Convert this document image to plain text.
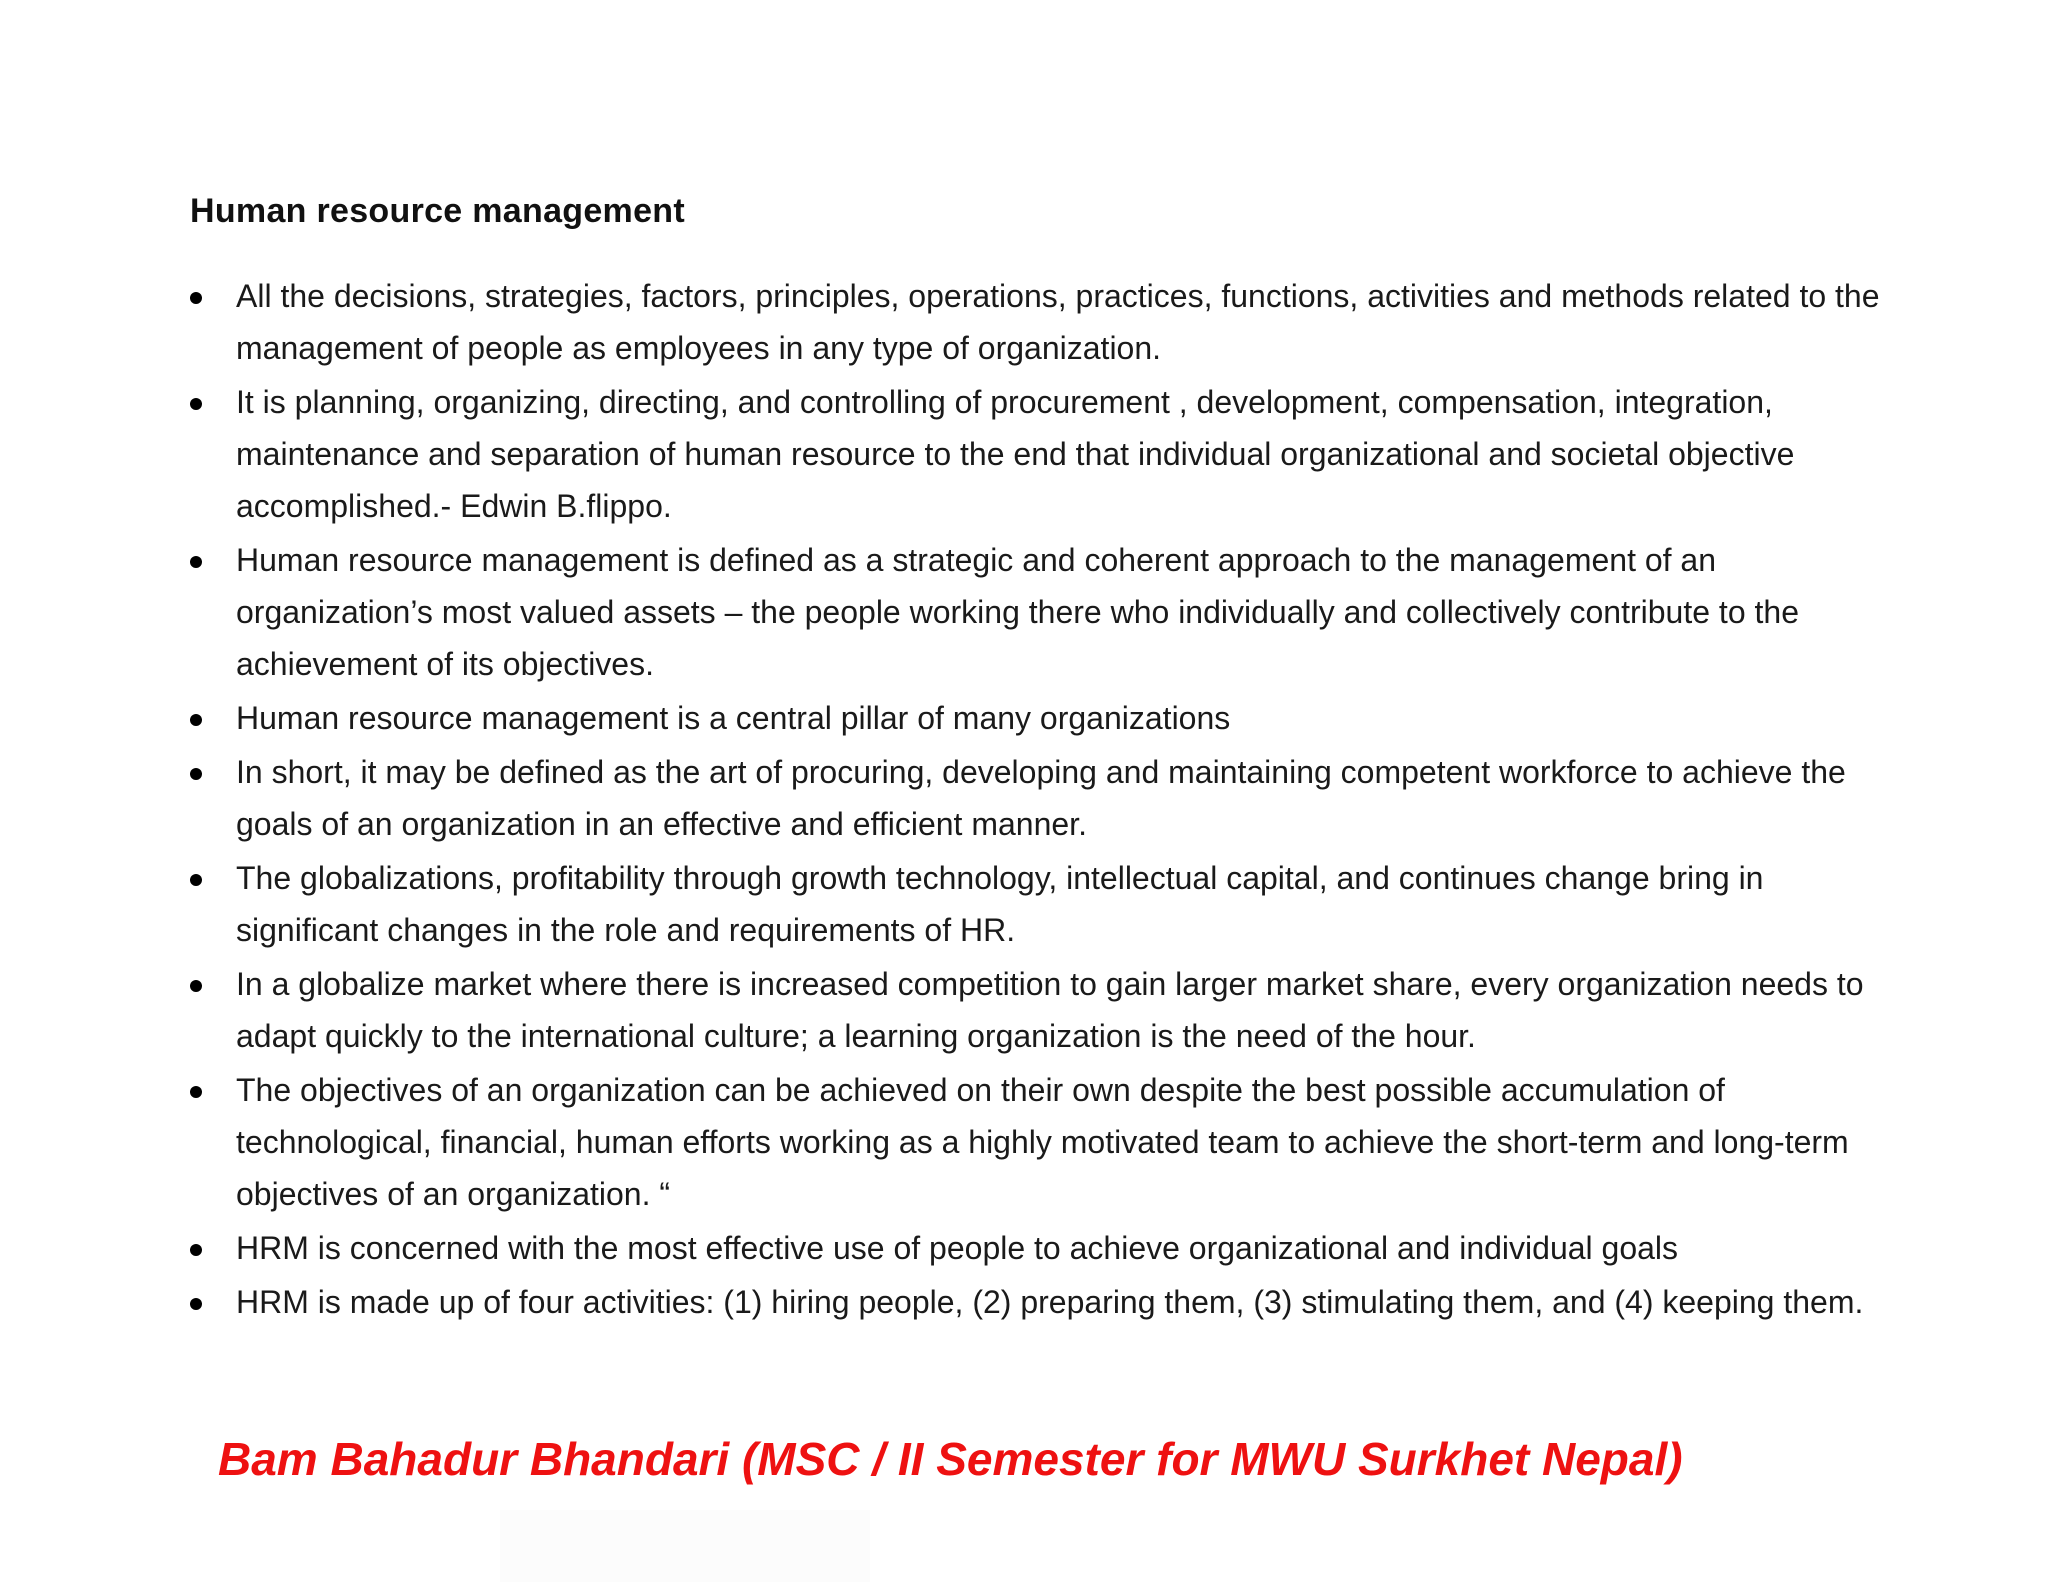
Human resource management
All the decisions, strategies, factors, principles, operations, practices, functions, activities and methods related to the management of people as employees in any type of organization.
It is planning, organizing, directing, and controlling of procurement , development, compensation, integration, maintenance and separation of human resource to the end that individual organizational and societal objective accomplished.- Edwin B.flippo.
Human resource management is defined as a strategic and coherent approach to the management of an organization’s most valued assets – the people working there who individually and collectively contribute to the achievement of its objectives.
Human resource management is a central pillar of many organizations
In short, it may be defined as the art of procuring, developing and maintaining competent workforce to achieve the goals of an organization in an effective and efficient manner.
The globalizations, profitability through growth technology, intellectual capital, and continues change bring in significant changes in the role and requirements of HR.
In a globalize market where there is increased competition to gain larger market share, every organization needs to adapt quickly to the international culture; a learning organization is the need of the hour.
The objectives of an organization can be achieved on their own despite the best possible accumulation of technological, financial, human efforts working as a highly motivated team to achieve the short-term and long-term objectives of an organization. “
HRM is concerned with the most effective use of people to achieve organizational and individual goals
HRM is made up of four activities: (1) hiring people, (2) preparing them, (3) stimulating them, and (4) keeping them.
Bam Bahadur Bhandari (MSC / II Semester for MWU Surkhet Nepal)
